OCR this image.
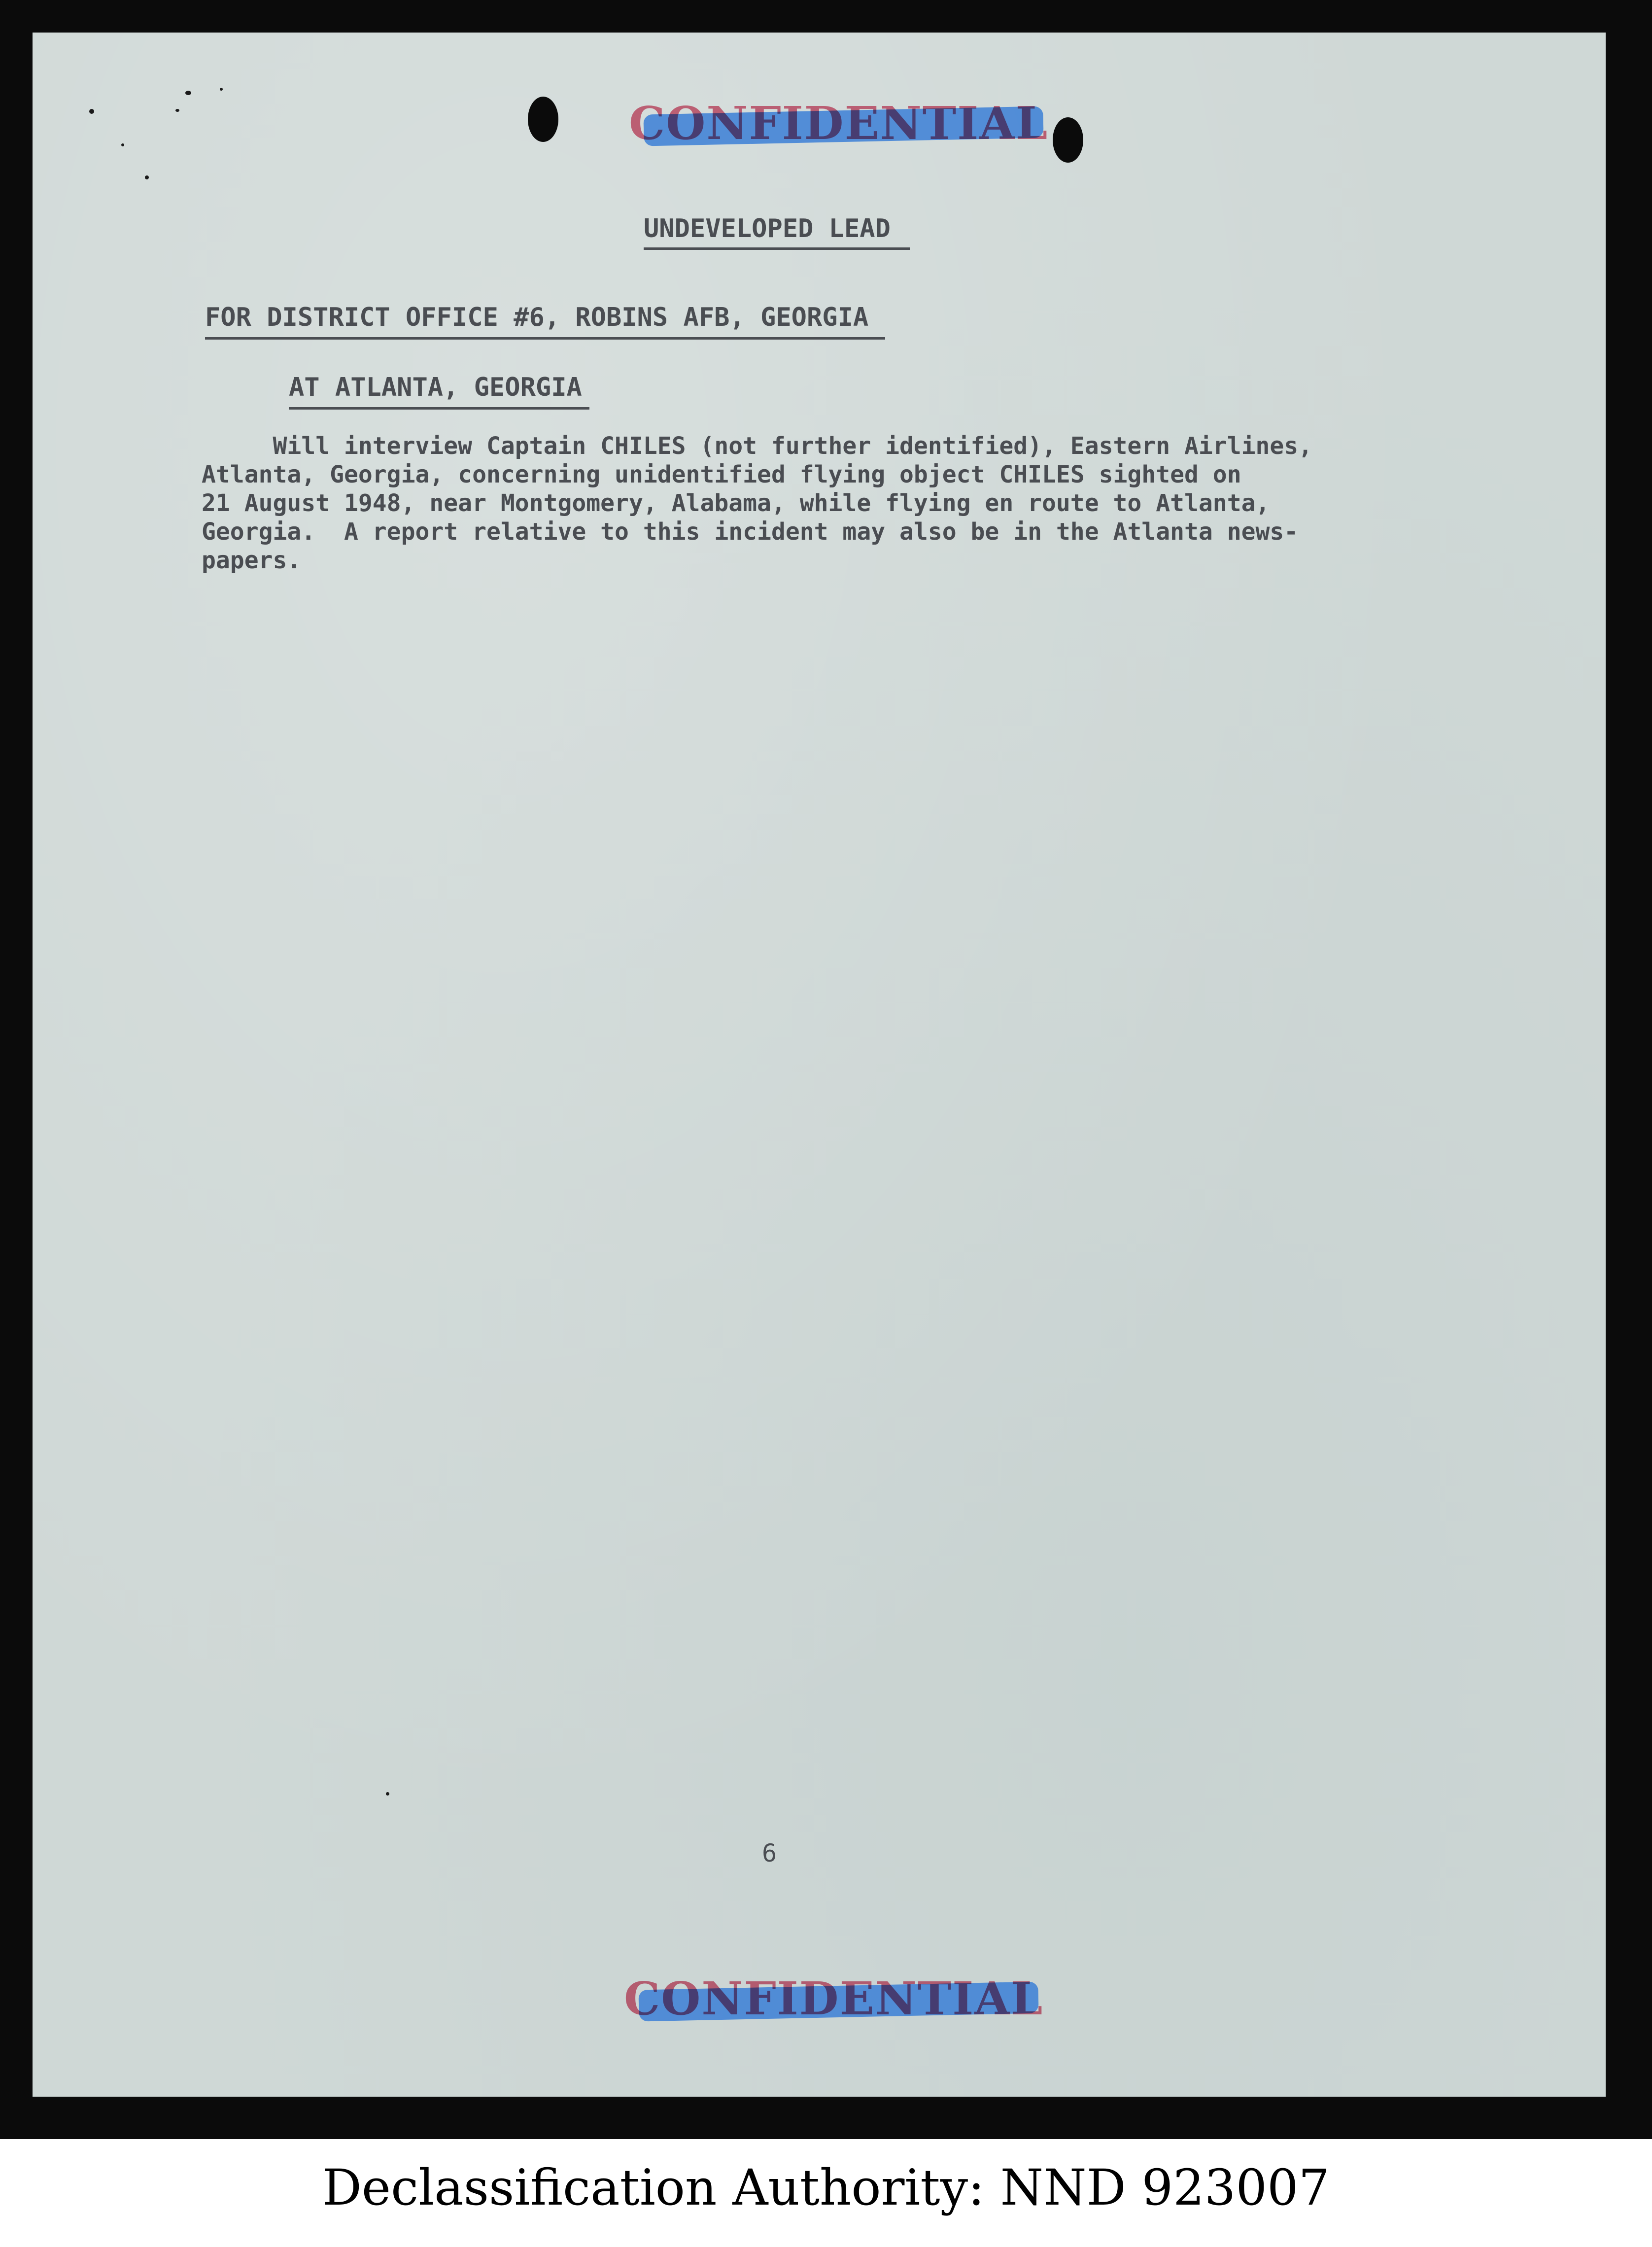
CONFIDENTIAL
UNDEVELOPED LEAD
FOR DISTRICT OFFICE #6, ROBINS AFB, GEORGIA
AT ATLANTA, GEORGIA
Will interview Captain CHILES (not further identified), Eastern Airlines,
Atlanta, Georgia, concerning unidentified flying object CHILES sighted on
21 August 1948, near Montgomery, Alabama, while flying en route to Atlanta,
Georgia.  A report relative to this incident may also be in the Atlanta news-
papers.
6
CONFIDENTIAL
Declassification Authority: NND 923007
